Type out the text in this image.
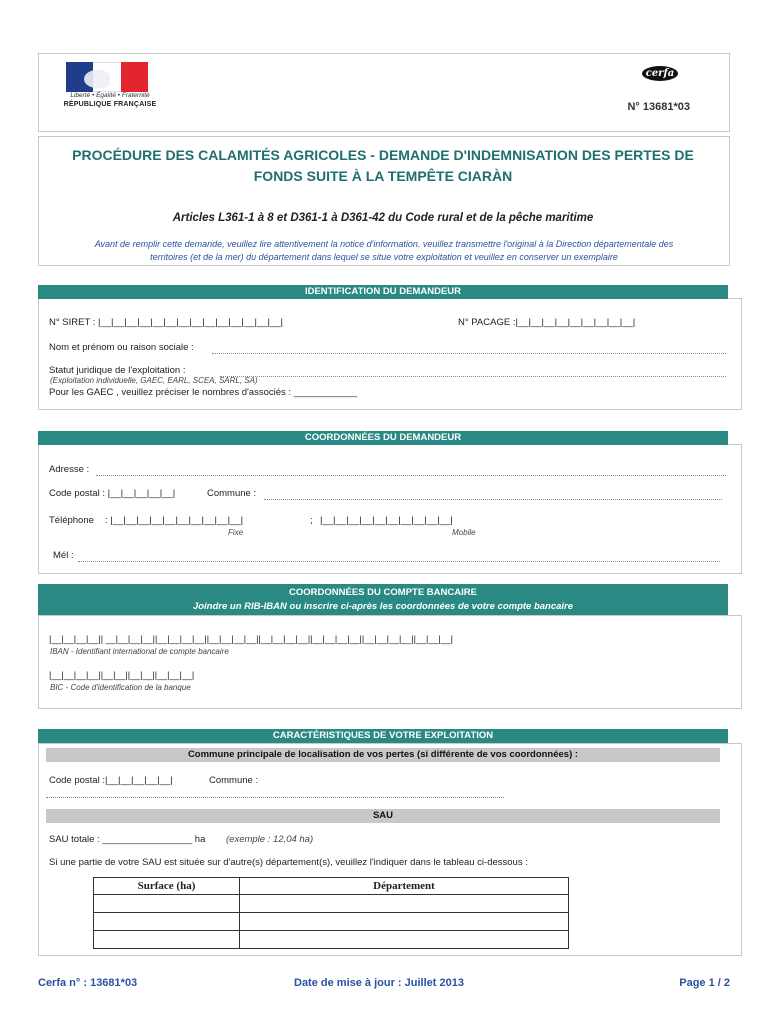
Liberté • Égalité • Fraternité
RÉPUBLIQUE FRANÇAISE
cerfa
N° 13681*03
PROCÉDURE DES CALAMITÉS AGRICOLES - DEMANDE D'INDEMNISATION DES PERTES DE
FONDS SUITE À LA TEMPÊTE CIARÀN
Articles L361-1 à 8 et D361-1 à D361-42 du Code rural et de la pêche maritime
Avant de remplir cette demande, veuillez lire attentivement la notice d'information. veuillez transmettre l'original à la Direction départementale des
territoires (et de la mer) du département dans lequel se situe votre exploitation et veuillez en conserver un exemplaire
IDENTIFICATION DU DEMANDEUR
N° SIRET : |__|__|__|__|__|__|__|__|__|__|__|__|__|__|	N° PACAGE :|__|__|__|__|__|__|__|__|__|
Nom et prénom ou raison sociale :
Statut juridique de l'exploitation :
(Exploitation individuelle, GAEC, EARL, SCEA, SARL, SA)
Pour les GAEC , veuillez préciser le nombres d'associés : ____________
COORDONNÉES DU DEMANDEUR
Adresse :
Code postal : |__|__|__|__|__|	Commune :
Téléphone : |__|__|__|__|__|__|__|__|__|__|	; |__|__|__|__|__|__|__|__|__|__|
Fixe	Mobile
Mél :
COORDONNÉES DU COMPTE BANCAIRE
Joindre un RIB-IBAN ou inscrire ci-après les coordonnées de votre compte bancaire
|__|__|__|__|| __|__|__|__||__|__|__|__||__|__|__|__||__|__|__|__||__|__|__|__||__|__|__|__||__|__|__|
IBAN - Identifiant international de compte bancaire
|__|__|__|__||__|__||__|__||__|__|__|
BIC - Code d'identification de la banque
CARACTÉRISTIQUES DE VOTRE EXPLOITATION
Commune principale de localisation de vos pertes (si différente de vos coordonnées) :
Code postal :|__|__|__|__|__|	Commune :
SAU
SAU totale : _________________ ha (exemple : 12,04 ha)
Si une partie de votre SAU est située sur d'autre(s) département(s), veuillez l'indiquer dans le tableau ci-dessous :
Surface (ha)	Département

Cerfa n° : 13681*03	Date de mise à jour : Juillet 2013	Page 1 / 2
